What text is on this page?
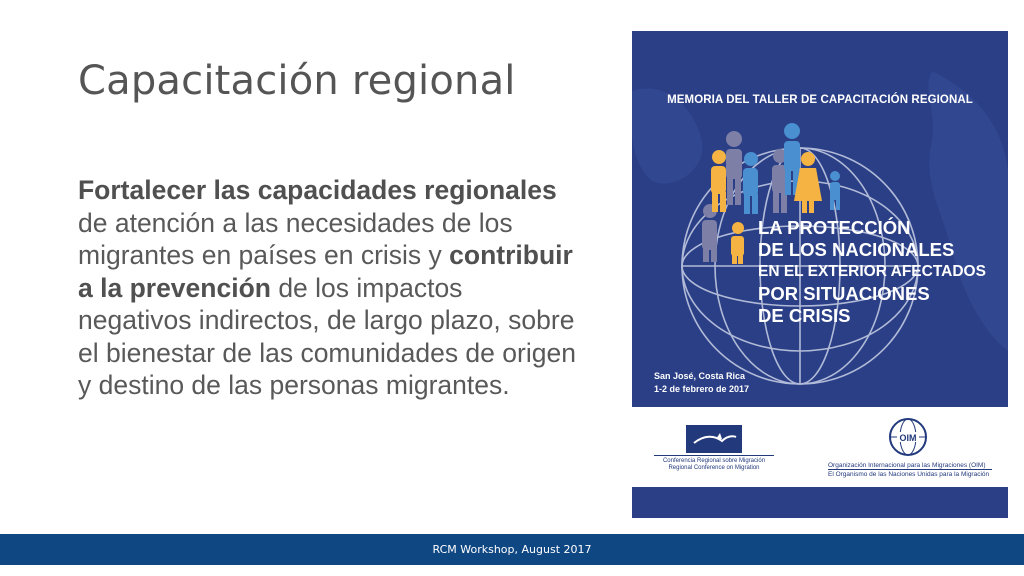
Capacitación regional
Fortalecer las capacidades regionales de atención a las necesidades de los migrantes en países en crisis y contribuir a la prevención de los impactos negativos indirectos, de largo plazo, sobre el bienestar de las comunidades de origen y destino de las personas migrantes.
MEMORIA DEL TALLER DE CAPACITACIÓN REGIONAL
LA PROTECCIÓN
DE LOS NACIONALES
EN EL EXTERIOR AFECTADOS
POR SITUACIONES
DE CRISIS
San José, Costa Rica
1-2 de febrero de 2017
Conferencia Regional sobre Migración
Regional Conference on Migration
OIM
Organización Internacional para las Migraciones (OIM)
El Organismo de las Naciones Unidas para la Migración
RCM Workshop, August 2017
